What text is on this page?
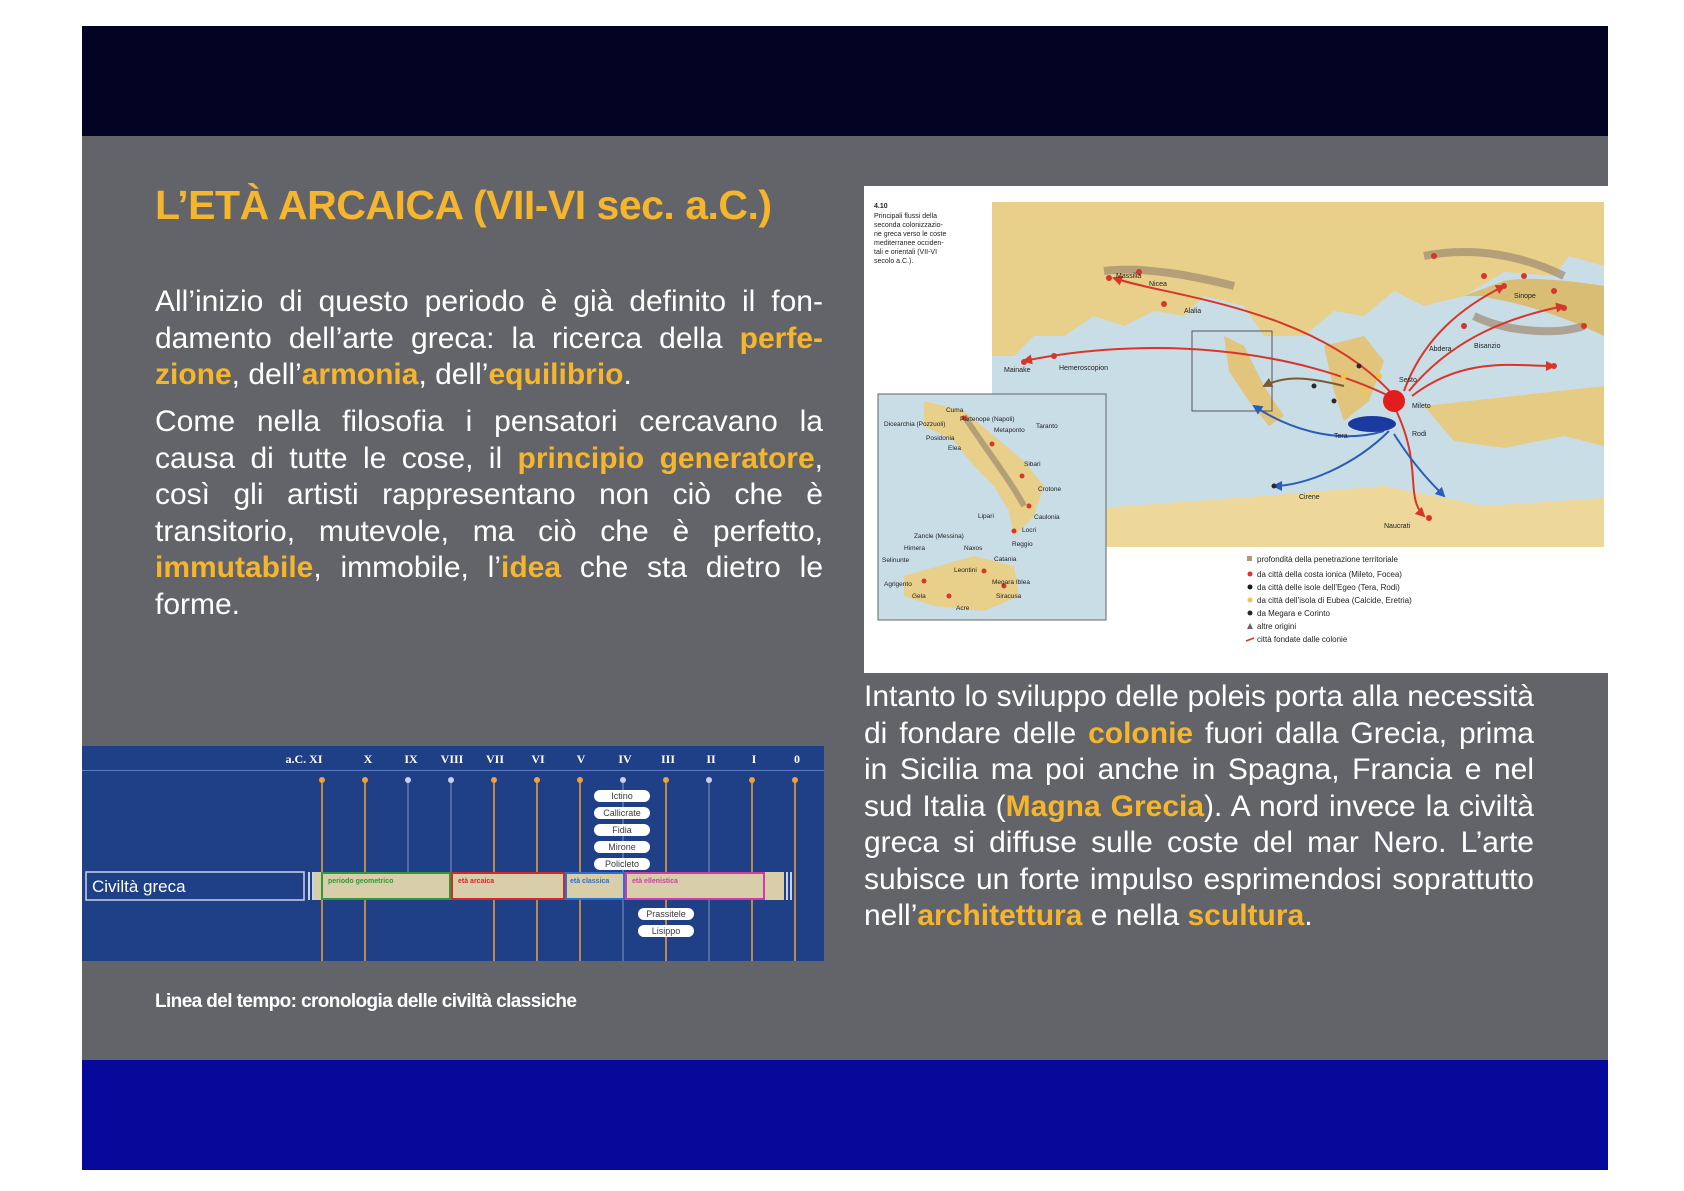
L’ETÀ ARCAICA (VII-VI sec. a.C.)

All’inizio di questo periodo è già definito il fondamento dell’arte greca: la ricerca della perfezione, dell’armonia, dell’equilibrio.

Come nella filosofia i pensatori cercavano la causa di tutte le cose, il principio generatore, così gli artisti rappresentano non ciò che è transitorio, mutevole, ma ciò che è perfetto, immutabile, immobile, l’idea che sta dietro le forme.

Intanto lo sviluppo delle poleis porta alla necessità di fondare delle colonie fuori dalla Grecia, prima in Sicilia ma poi anche in Spagna, Francia e nel sud Italia (Magna Grecia). A nord invece la civiltà greca si diffuse sulle coste del mar Nero. L’arte subisce un forte impulso esprimendosi soprattutto nell’architettura e nella scultura.

4.10
Principali flussi della
seconda colonizzazio-
ne greca verso le coste
mediterranee occiden-
tali e orientali (VII-VI
secolo a.C.).
Massilia
Nicea
Alalia
Mainake	Hemeroscopion
Abdera	Bisanzio
Sinope
Sesto
Mileto
Tera	Rodi
Cirene
Naucrati
Cuma
Partenope (Napoli)
Dicearchia (Pozzuoli)
Posidonia
Metaponto
Taranto
Elea
Sibari
Crotone
Lipari	Caulonia
Zancle (Messina)
Locri
Himera
Reggio
Naxos
Catania
Selinunte
Leontini
Agrigento
Gela
Megara Iblea
Siracusa
Acre
profondità della penetrazione territoriale
da città della costa ionica (Mileto, Focea)
da città delle isole dell’Egeo (Tera, Rodi)
da città dell’isola di Eubea (Calcide, Eretria)
da Megara e Corinto
altre origini
città fondate dalle colonie
a.C. XI	X	IX VIII VII VI	V	IV III	II	I	0
Ictino
Callicrate
Fidia
Mirone
Policleto
Civiltà greca	periodo geometrico	età arcaica	età classica	età ellenistica
Prassitele
Lisippo

Linea del tempo: cronologia delle civiltà classiche
